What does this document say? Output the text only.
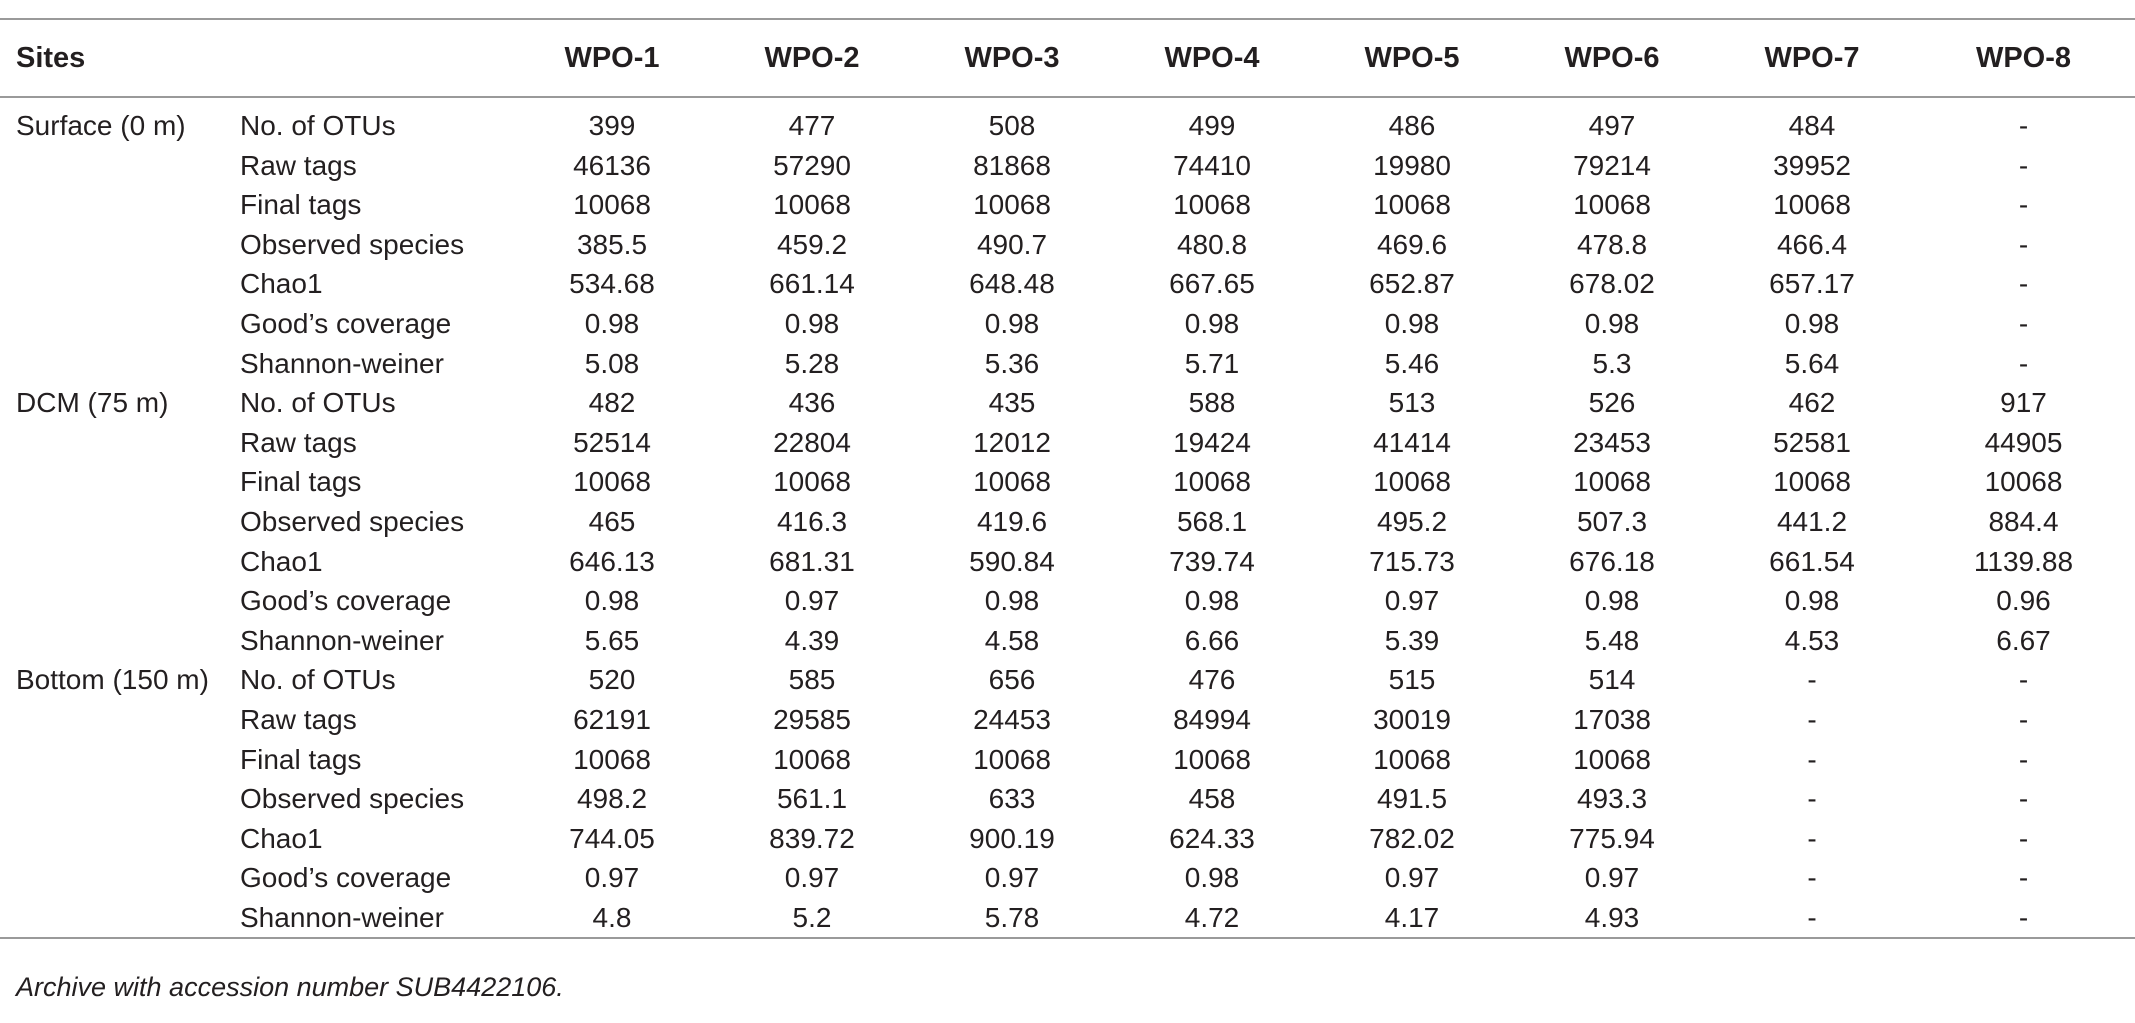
Sites		WPO-1	WPO-2	WPO-3	WPO-4	WPO-5	WPO-6	WPO-7	WPO-8

Surface (0 m)	No. of OTUs	399	477	508	499	486	497	484	-
	Raw tags	46136	57290	81868	74410	19980	79214	39952	-
	Final tags	10068	10068	10068	10068	10068	10068	10068	-
	Observed species	385.5	459.2	490.7	480.8	469.6	478.8	466.4	-
	Chao1	534.68	661.14	648.48	667.65	652.87	678.02	657.17	-
	Good’s coverage	0.98	0.98	0.98	0.98	0.98	0.98	0.98	-
	Shannon-weiner	5.08	5.28	5.36	5.71	5.46	5.3	5.64	-
DCM (75 m)	No. of OTUs	482	436	435	588	513	526	462	917
	Raw tags	52514	22804	12012	19424	41414	23453	52581	44905
	Final tags	10068	10068	10068	10068	10068	10068	10068	10068
	Observed species	465	416.3	419.6	568.1	495.2	507.3	441.2	884.4
	Chao1	646.13	681.31	590.84	739.74	715.73	676.18	661.54	1139.88
	Good’s coverage	0.98	0.97	0.98	0.98	0.97	0.98	0.98	0.96
	Shannon-weiner	5.65	4.39	4.58	6.66	5.39	5.48	4.53	6.67
Bottom (150 m)	No. of OTUs	520	585	656	476	515	514	-	-
	Raw tags	62191	29585	24453	84994	30019	17038	-	-
	Final tags	10068	10068	10068	10068	10068	10068	-	-
	Observed species	498.2	561.1	633	458	491.5	493.3	-	-
	Chao1	744.05	839.72	900.19	624.33	782.02	775.94	-	-
	Good’s coverage	0.97	0.97	0.97	0.98	0.97	0.97	-	-
	Shannon-weiner	4.8	5.2	5.78	4.72	4.17	4.93	-	-
Archive with accession number SUB4422106.
